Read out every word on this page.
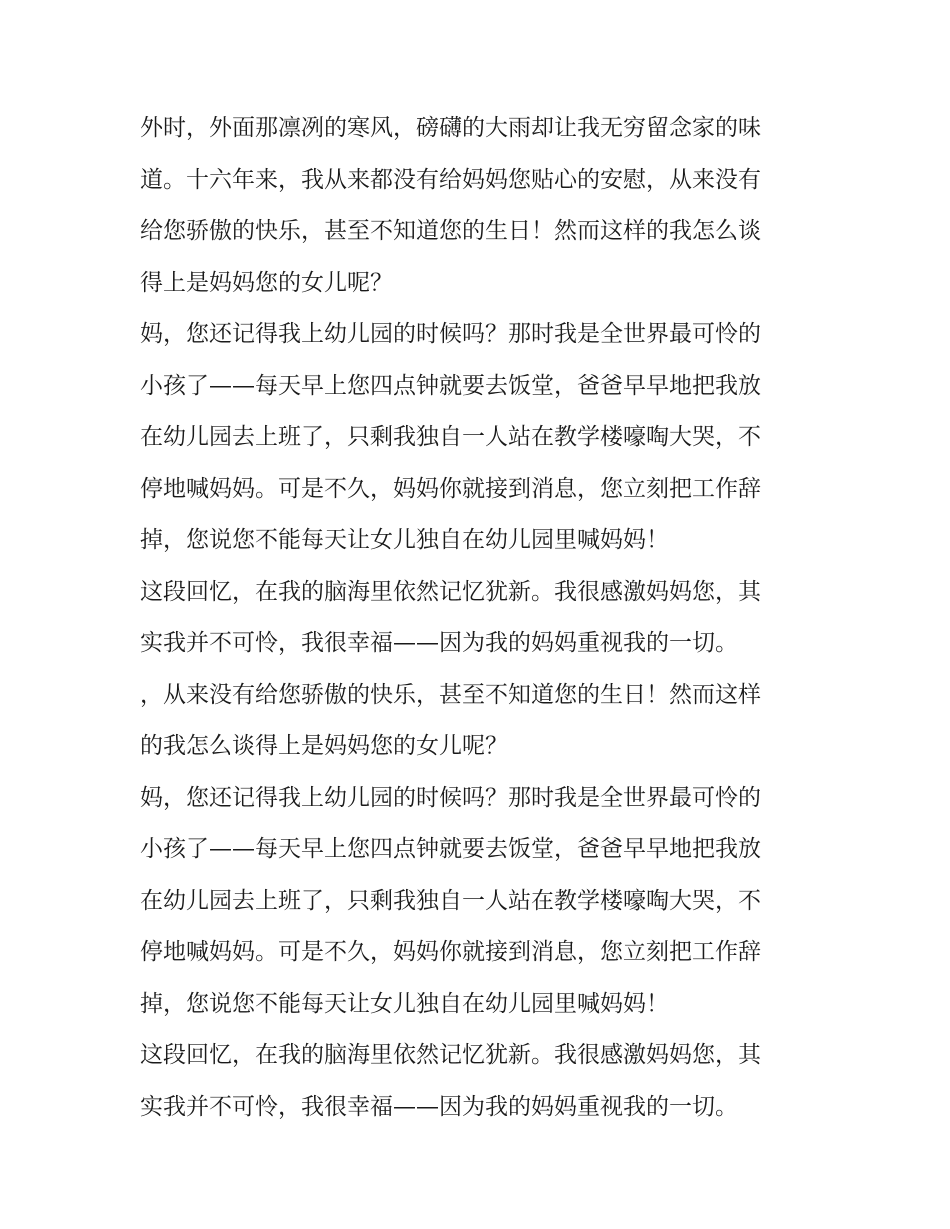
外时，外面那凛冽的寒风，磅礴的大雨却让我无穷留念家的味
道。十六年来，我从来都没有给妈妈您贴心的安慰，从来没有
给您骄傲的快乐，甚至不知道您的生日！然而这样的我怎么谈
得上是妈妈您的女儿呢？
妈，您还记得我上幼儿园的时候吗？那时我是全世界最可怜的
小孩了——每天早上您四点钟就要去饭堂，爸爸早早地把我放
在幼儿园去上班了，只剩我独自一人站在教学楼嚎啕大哭，不
停地喊妈妈。可是不久，妈妈你就接到消息，您立刻把工作辞
掉，您说您不能每天让女儿独自在幼儿园里喊妈妈！
这段回忆，在我的脑海里依然记忆犹新。我很感激妈妈您，其
实我并不可怜，我很幸福——因为我的妈妈重视我的一切。
，从来没有给您骄傲的快乐，甚至不知道您的生日！然而这样
的我怎么谈得上是妈妈您的女儿呢？
妈，您还记得我上幼儿园的时候吗？那时我是全世界最可怜的
小孩了——每天早上您四点钟就要去饭堂，爸爸早早地把我放
在幼儿园去上班了，只剩我独自一人站在教学楼嚎啕大哭，不
停地喊妈妈。可是不久，妈妈你就接到消息，您立刻把工作辞
掉，您说您不能每天让女儿独自在幼儿园里喊妈妈！
这段回忆，在我的脑海里依然记忆犹新。我很感激妈妈您，其
实我并不可怜，我很幸福——因为我的妈妈重视我的一切。
